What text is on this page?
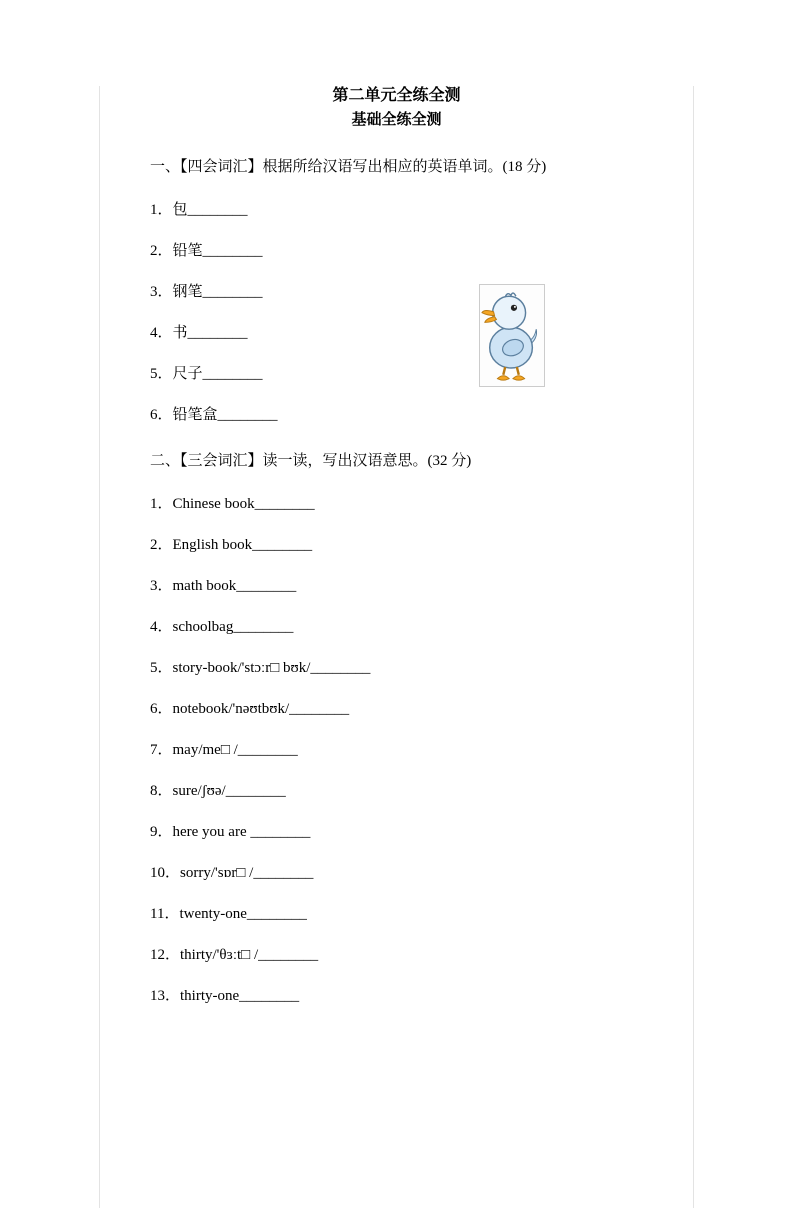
第二单元全练全测
基础全练全测
一、【四会词汇】根据所给汉语写出相应的英语单词。(18 分)
1．包________
2．铅笔________
3．钢笔________
4．书________
5．尺子________
6．铅笔盒________
二、【三会词汇】读一读，写出汉语意思。(32 分)
1．Chinese book________
2．English book________
3．math book________
4．schoolbag________
5．story-book/'stɔːr□ bʊk/________
6．notebook/'nəʊtbʊk/________
7．may/me□ /________
8．sure/ʃʊə/________
9．here you are ________
10．sorry/'sɒr□ /________
11．twenty-one________
12．thirty/'θɜːt□ /________
13．thirty-one________
